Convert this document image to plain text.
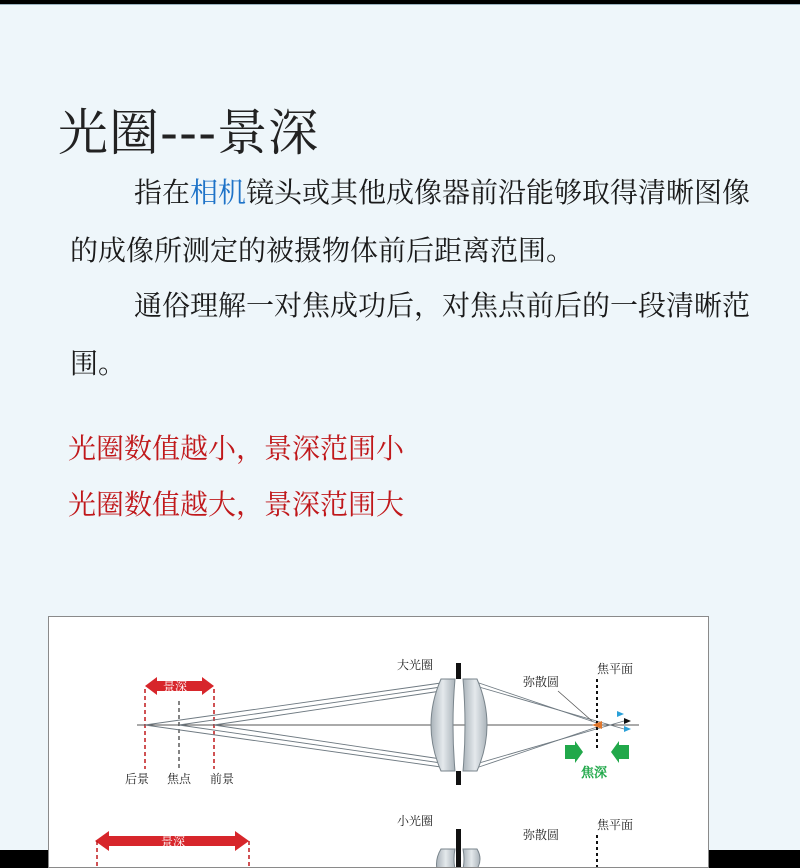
光圈---景深
指在相机镜头或其他成像器前沿能够取得清晰图像的成像所测定的被摄物体前后距离范围。
通俗理解一对焦成功后，对焦点前后的一段清晰范围。
光圈数值越小，景深范围小
光圈数值越大，景深范围大
景深
大光圈
弥散圆
焦平面
焦深
后景 焦点 前景
景深
小光圈
弥散圆
焦平面
